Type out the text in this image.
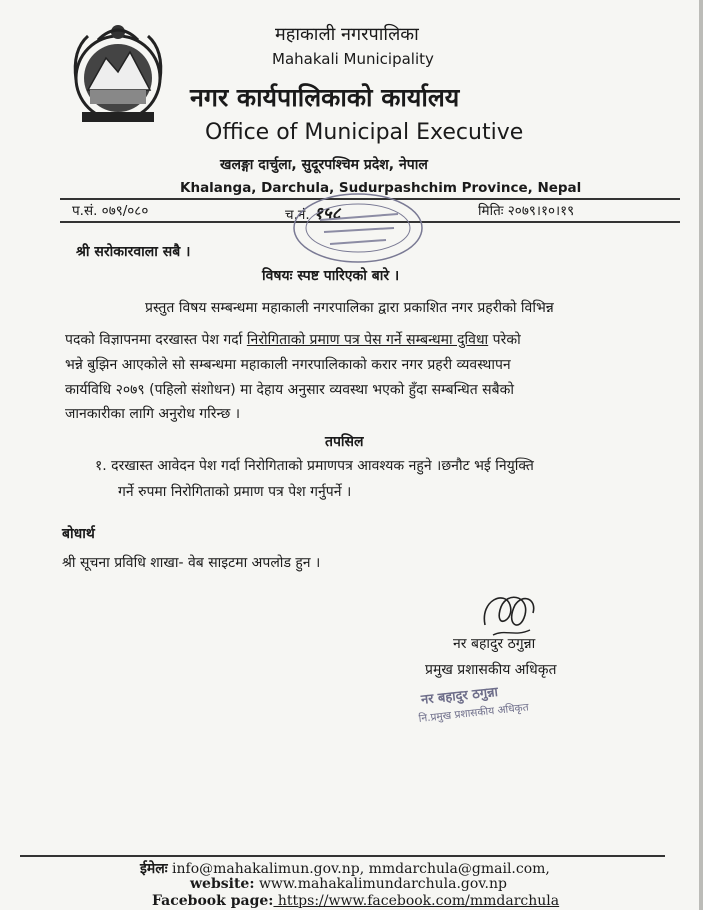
महाकाली नगरपालिका
Mahakali Municipality
नगर कार्यपालिकाको कार्यालय
Office of Municipal Executive
खलङ्गा दार्चुला, सुदूरपश्चिम प्रदेश, नेपाल
Khalanga, Darchula, Sudurpashchim Province, Nepal
प.सं. ०७९/०८०	च.नं. १५८	मितिः २०७९।१०।१९
श्री सरोकारवाला सबै ।
विषयः स्पष्ट पारिएको बारे ।
प्रस्तुत विषय सम्बन्धमा महाकाली नगरपालिका द्वारा प्रकाशित नगर प्रहरीको विभिन्न
पदको विज्ञापनमा दरखास्त पेश गर्दा निरोगिताको प्रमाण पत्र पेस गर्ने सम्बन्धमा दुविधा परेको
भन्ने बुझिन आएकोले सो सम्बन्धमा महाकाली नगरपालिकाको करार नगर प्रहरी व्यवस्थापन
कार्यविधि २०७९ (पहिलो संशोधन) मा देहाय अनुसार व्यवस्था भएको हुँदा सम्बन्धित सबैको
जानकारीका लागि अनुरोध गरिन्छ ।
तपसिल
१. दरखास्त आवेदन पेश गर्दा निरोगिताको प्रमाणपत्र आवश्यक नहुने ।छनौट भई नियुक्ति
गर्ने रुपमा निरोगिताको प्रमाण पत्र पेश गर्नुपर्ने ।
बोधार्थ
श्री सूचना प्रविधि शाखा- वेब साइटमा अपलोड हुन ।
नर बहादुर ठगुन्ना
प्रमुख प्रशासकीय अधिकृत
नर बहादुर ठगुन्ना
नि.प्रमुख प्रशासकीय अधिकृत
ईमेलः info@mahakalimun.gov.np, mmdarchula@gmail.com,
website: www.mahakalimundarchula.gov.np
Facebook page: https://www.facebook.com/mmdarchula
